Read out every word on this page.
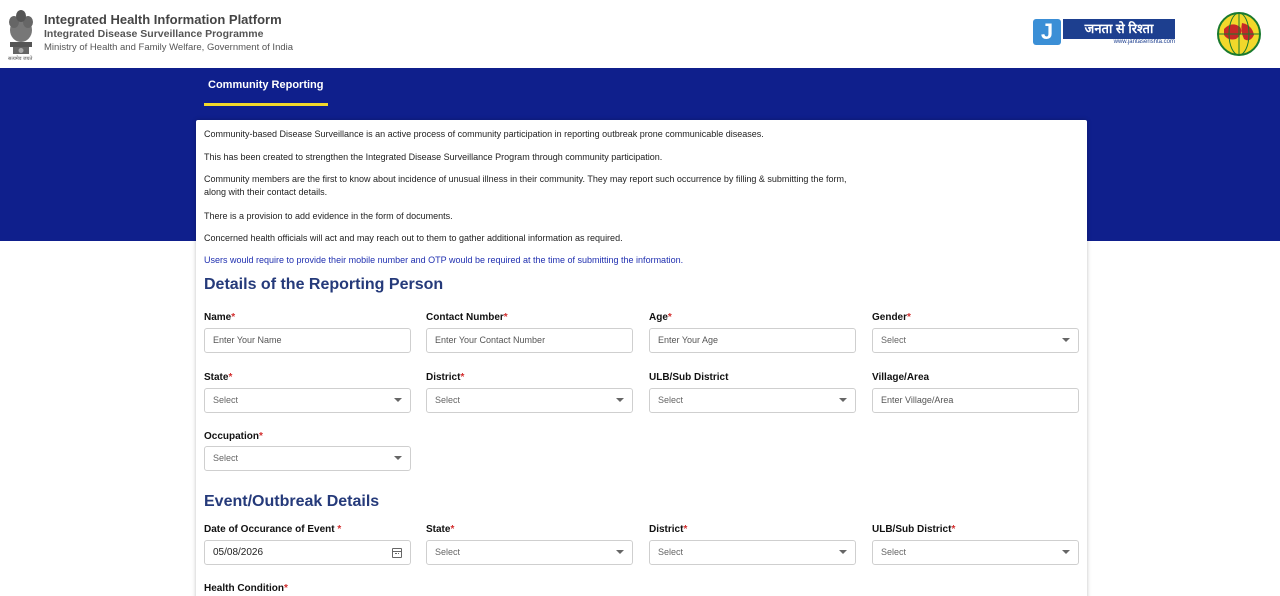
सत्यमेव जयते
Integrated Health Information Platform
Integrated Disease Surveillance Programme
Ministry of Health and Family Welfare, Government of India
J	जनता से रिश्ता
www.jantaserishta.com
Community Reporting
Community-based Disease Surveillance is an active process of community participation in reporting outbreak prone communicable diseases.
This has been created to strengthen the Integrated Disease Surveillance Program through community participation.
Community members are the first to know about incidence of unusual illness in their community. They may report such occurrence by filling & submitting the form, along with their contact details.
There is a provision to add evidence in the form of documents.
Concerned health officials will act and may reach out to them to gather additional information as required.
Users would require to provide their mobile number and OTP would be required at the time of submitting the information.
Details of the Reporting Person
Name*
Enter Your Name
Contact Number*
Enter Your Contact Number
Age*
Enter Your Age
Gender*
Select
State*
Select
District*
Select
ULB/Sub District
Select
Village/Area
Enter Village/Area
Occupation*
Select
Event/Outbreak Details
Date of Occurance of Event *
05/08/2026
State*
Select
District*
Select
ULB/Sub District*
Select
Health Condition*
